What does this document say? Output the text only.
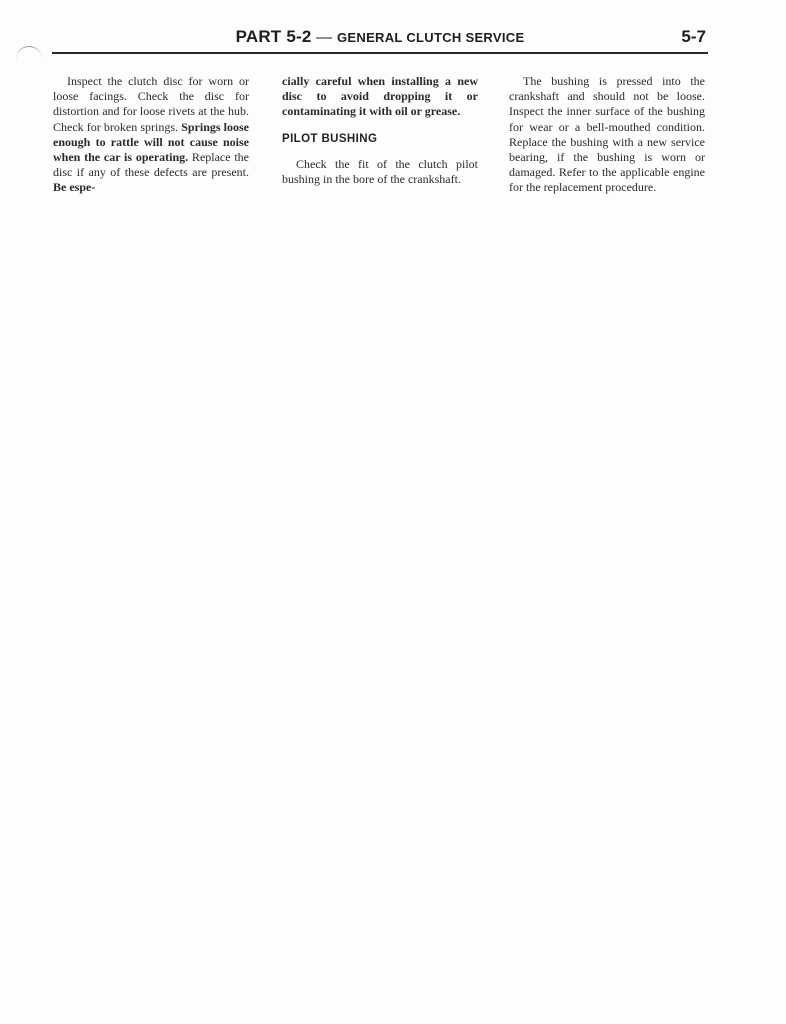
PART 5-2 — GENERAL CLUTCH SERVICE	5-7

Inspect the clutch disc for worn or loose facings. Check the disc for distortion and for loose rivets at the hub. Check for broken springs. Springs loose enough to rattle will not cause noise when the car is operating. Replace the disc if any of these defects are present. Be espe-

cially careful when installing a new disc to avoid dropping it or contaminating it with oil or grease.

PILOT BUSHING

Check the fit of the clutch pilot bushing in the bore of the crankshaft.

The bushing is pressed into the crankshaft and should not be loose. Inspect the inner surface of the bushing for wear or a bell-mouthed condition. Replace the bushing with a new service bearing, if the bushing is worn or damaged. Refer to the applicable engine for the replacement procedure.
